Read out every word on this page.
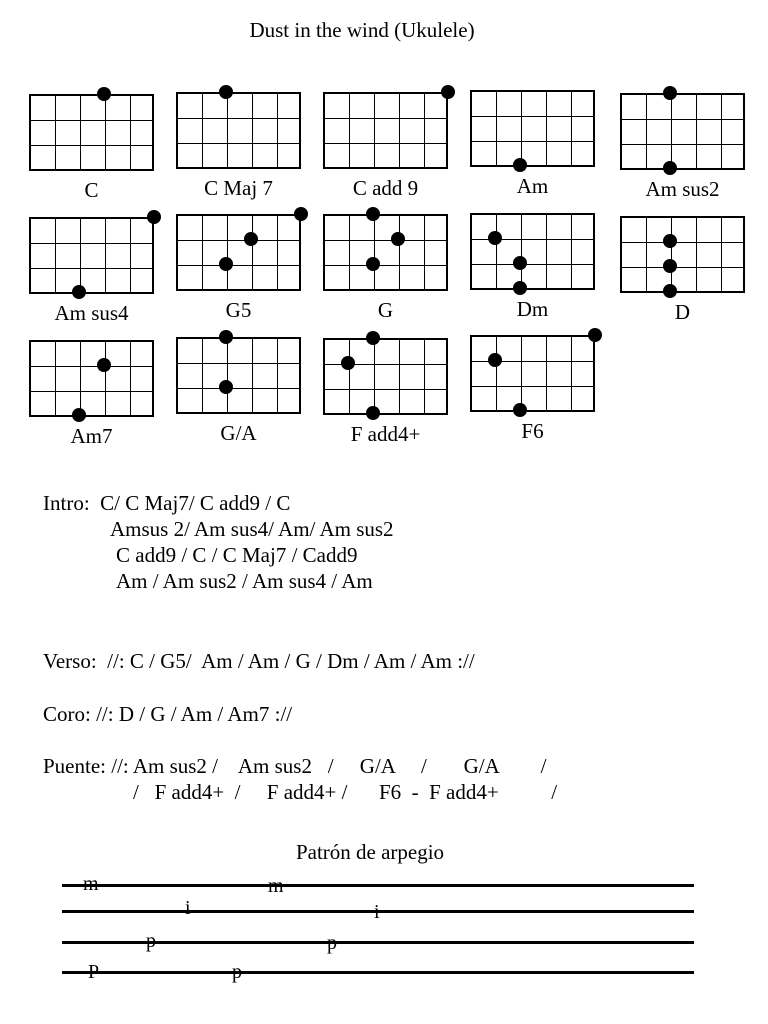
Dust in the wind (Ukulele)
C	C Maj 7	C add 9	Am	Am sus2
Am sus4	G5	G	Dm	D
Am7	G/A	F add4+	F6
Intro:  C/ C Maj7/ C add9 / C
Amsus 2/ Am sus4/ Am/ Am sus2
C add9 / C / C Maj7 / Cadd9
Am / Am sus2 / Am sus4 / Am
Verso:  //: C / G5/  Am / Am / G / Dm / Am / Am ://
Coro: //: D / G / Am / Am7 ://
Puente: //: Am sus2 /    Am sus2   /     G/A     /       G/A        /
/   F add4+  /     F add4+ /      F6  -  F add4+          /
Patrón de arpegio
m	m
i	i
p	p
P	p
